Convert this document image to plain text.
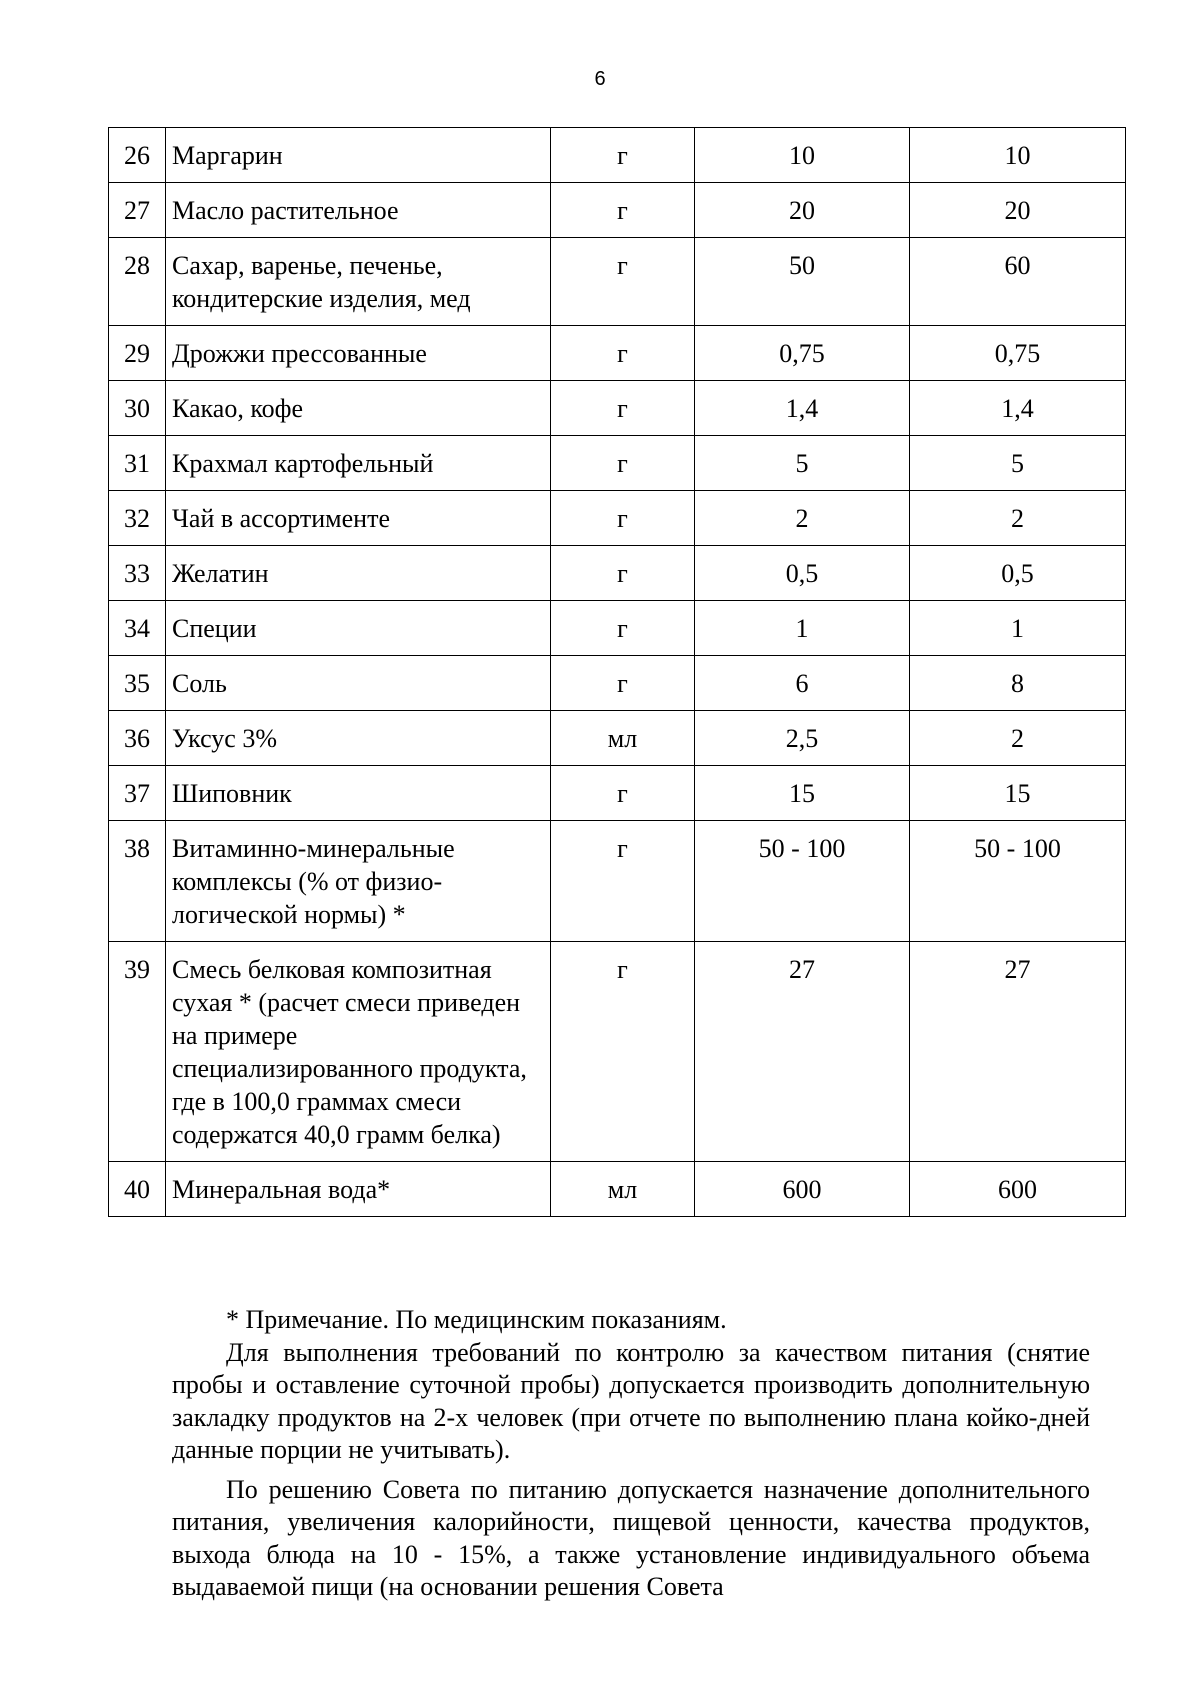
6
26	Маргарин	г	10	10
27	Масло растительное	г	20	20
28	Сахар, варенье, печенье, кондитерские изделия, мед	г	50	60
29	Дрожжи прессованные	г	0,75	0,75
30	Какао, кофе	г	1,4	1,4
31	Крахмал картофельный	г	5	5
32	Чай в ассортименте	г	2	2
33	Желатин	г	0,5	0,5
34	Специи	г	1	1
35	Соль	г	6	8
36	Уксус 3%	мл	2,5	2
37	Шиповник	г	15	15
38	Витаминно-минеральные комплексы (% от физио-логической нормы) *	г	50 - 100	50 - 100
39	Смесь белковая композитная сухая * (расчет смеси приведен на примере специализированного продукта, где в 100,0 граммах смеси содержатся 40,0 грамм белка)	г	27	27
40	Минеральная вода*	мл	600	600

* Примечание. По медицинским показаниям.

Для выполнения требований по контролю за качеством питания (снятие пробы и оставление суточной пробы) допускается производить дополнительную закладку продуктов на 2-х человек (при отчете по выполнению плана койко-дней данные порции не учитывать).

По решению Совета по питанию допускается назначение дополнительного питания, увеличения калорийности, пищевой ценности, качества продуктов, выхода блюда на 10 - 15%, а также установление индивидуального объема выдаваемой пищи (на основании решения Совета
